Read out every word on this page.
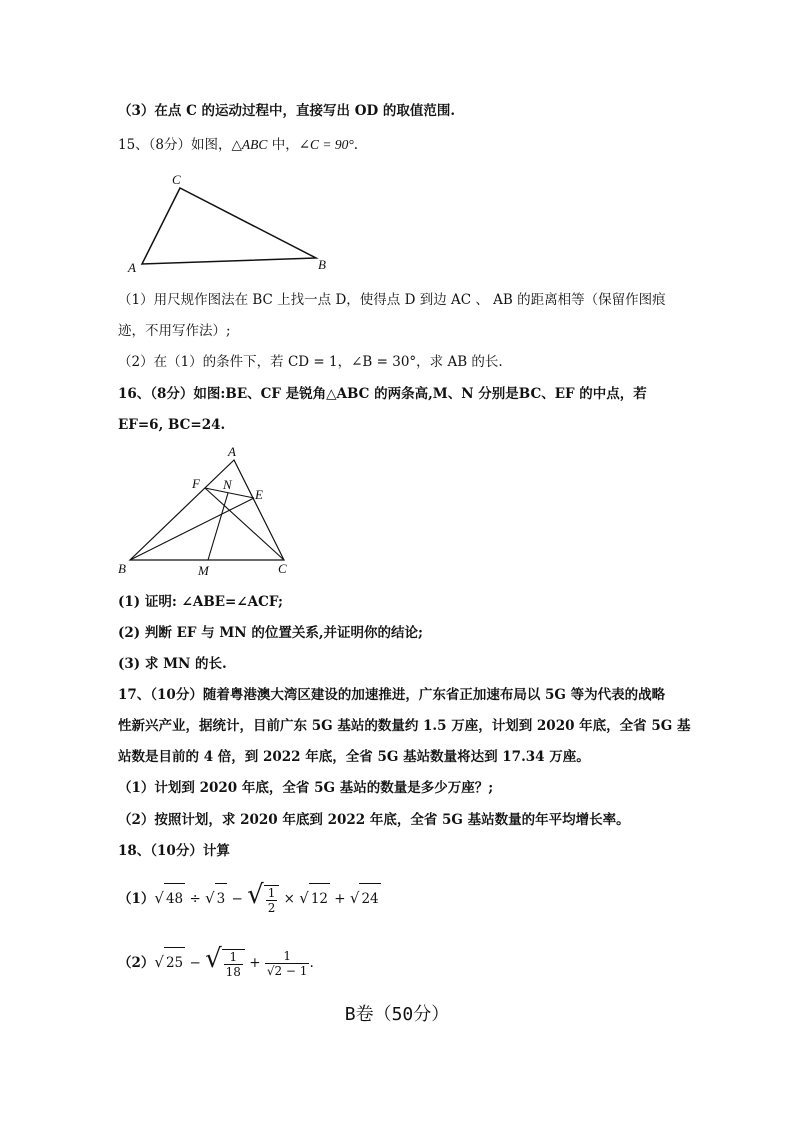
（3）在点 C 的运动过程中，直接写出 OD 的取值范围.
15、（8分）如图，△ABC 中，∠C = 90°.
C
A	B
（1）用尺规作图法在 BC 上找一点 D，使得点 D 到边 AC 、 AB 的距离相等（保留作图痕
迹，不用写作法）;
（2）在（1）的条件下，若 CD = 1，∠B = 30°，求 AB 的长.
16、（8分）如图:BE、CF 是锐角△ABC 的两条高,M、N 分别是BC、EF 的中点，若
EF=6, BC=24.
A
F N
E
B	M	C
(1) 证明: ∠ABE=∠ACF;
(2) 判断 EF 与 MN 的位置关系,并证明你的结论;
(3) 求 MN 的长.
17、（10分）随着粤港澳大湾区建设的加速推进，广东省正加速布局以 5G 等为代表的战略
性新兴产业，据统计，目前广东 5G 基站的数量约 1.5 万座，计划到 2020 年底，全省 5G 基
站数是目前的 4 倍，到 2022 年底，全省 5G 基站数量将达到 17.34 万座。
（1）计划到 2020 年底，全省 5G 基站的数量是多少万座？;
（2）按照计划，求 2020 年底到 2022 年底，全省 5G 基站数量的年平均增长率。
18、（10分）计算
（1）√ 48 ÷ √ 3 − √ $\frac{1}{2}$ × √ 12 + √ 24
（2）√ 25 − √ $\frac{1}{18} + \frac{1}{√2 - 1}$ .
B卷（50分）
